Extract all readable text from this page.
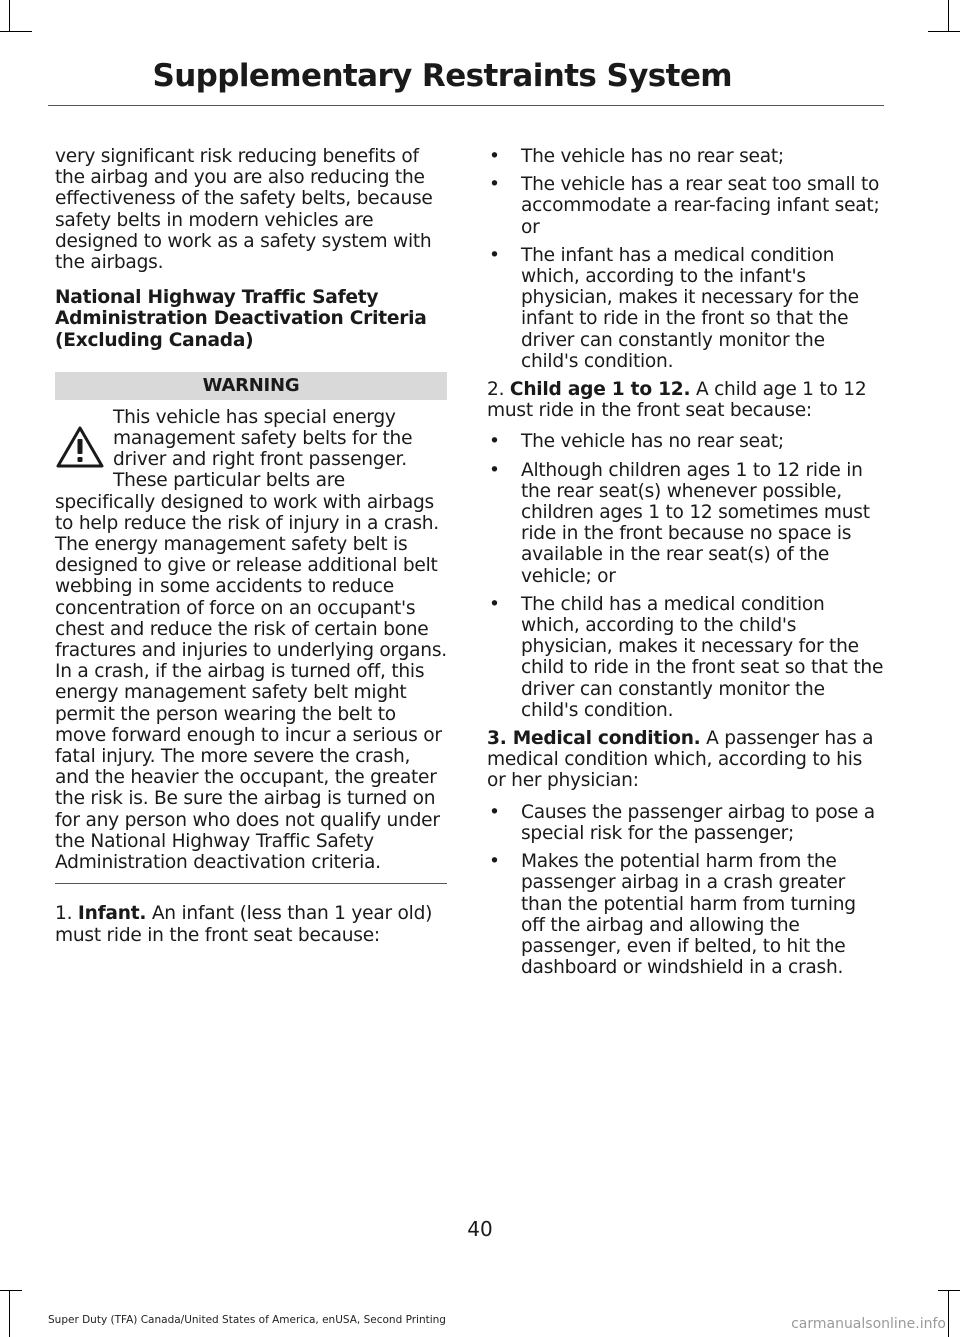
Supplementary Restraints System

very significant risk reducing benefits of the airbag and you are also reducing the effectiveness of the safety belts, because safety belts in modern vehicles are designed to work as a safety system with the airbags.

National Highway Traffic Safety Administration Deactivation Criteria (Excluding Canada)

WARNING

This vehicle has special energy management safety belts for the driver and right front passenger. These particular belts are specifically designed to work with airbags to help reduce the risk of injury in a crash. The energy management safety belt is designed to give or release additional belt webbing in some accidents to reduce concentration of force on an occupant's chest and reduce the risk of certain bone fractures and injuries to underlying organs. In a crash, if the airbag is turned off, this energy management safety belt might permit the person wearing the belt to move forward enough to incur a serious or fatal injury. The more severe the crash, and the heavier the occupant, the greater the risk is. Be sure the airbag is turned on for any person who does not qualify under the National Highway Traffic Safety Administration deactivation criteria.

1. Infant. An infant (less than 1 year old) must ride in the front seat because:

• The vehicle has no rear seat;
• The vehicle has a rear seat too small to accommodate a rear-facing infant seat; or
• The infant has a medical condition which, according to the infant's physician, makes it necessary for the infant to ride in the front so that the driver can constantly monitor the child's condition.

2. Child age 1 to 12. A child age 1 to 12 must ride in the front seat because:

• The vehicle has no rear seat;
• Although children ages 1 to 12 ride in the rear seat(s) whenever possible, children ages 1 to 12 sometimes must ride in the front because no space is available in the rear seat(s) of the vehicle; or
• The child has a medical condition which, according to the child's physician, makes it necessary for the child to ride in the front seat so that the driver can constantly monitor the child's condition.

3. Medical condition. A passenger has a medical condition which, according to his or her physician:

• Causes the passenger airbag to pose a special risk for the passenger;
• Makes the potential harm from the passenger airbag in a crash greater than the potential harm from turning off the airbag and allowing the passenger, even if belted, to hit the dashboard or windshield in a crash.
40
Super Duty (TFA) Canada/United States of America, enUSA, Second Printing	carmanualsonline.info
